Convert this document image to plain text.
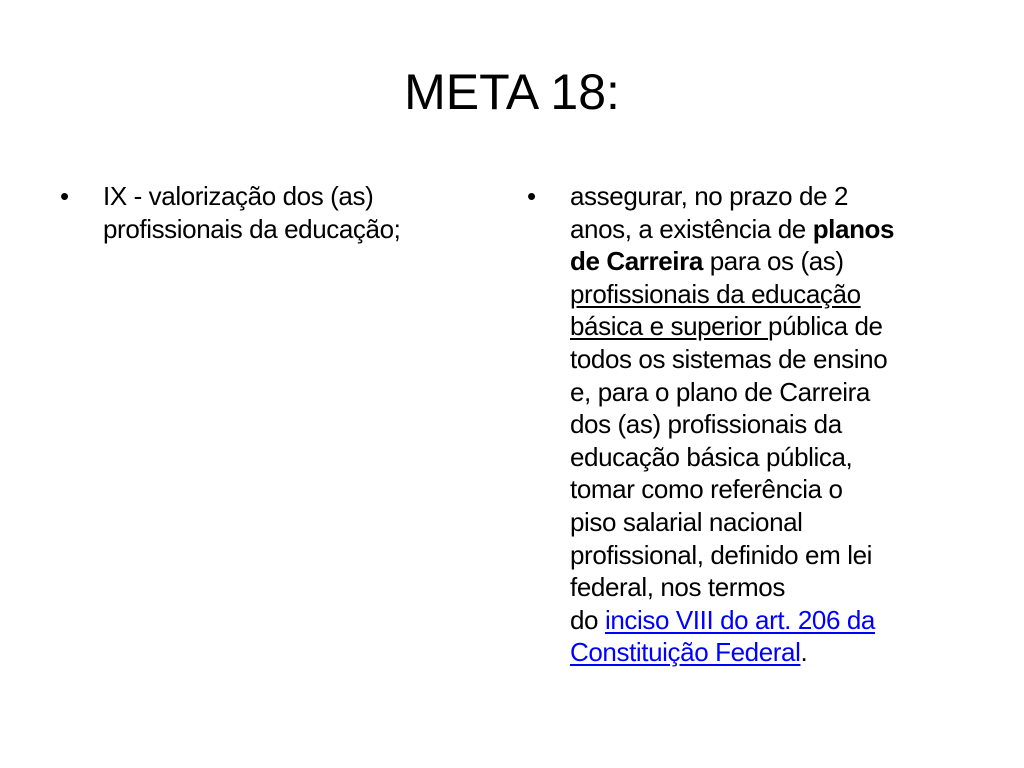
META 18:
•	IX - valorização dos (as)
profissionais da educação;
•	assegurar, no prazo de 2
anos, a existência de planos
de Carreira para os (as)
profissionais da educação
básica e superior pública de
todos os sistemas de ensino
e, para o plano de Carreira
dos (as) profissionais da
educação básica pública,
tomar como referência o
piso salarial nacional
profissional, definido em lei
federal, nos termos
do inciso VIII do art. 206 da
Constituição Federal.
